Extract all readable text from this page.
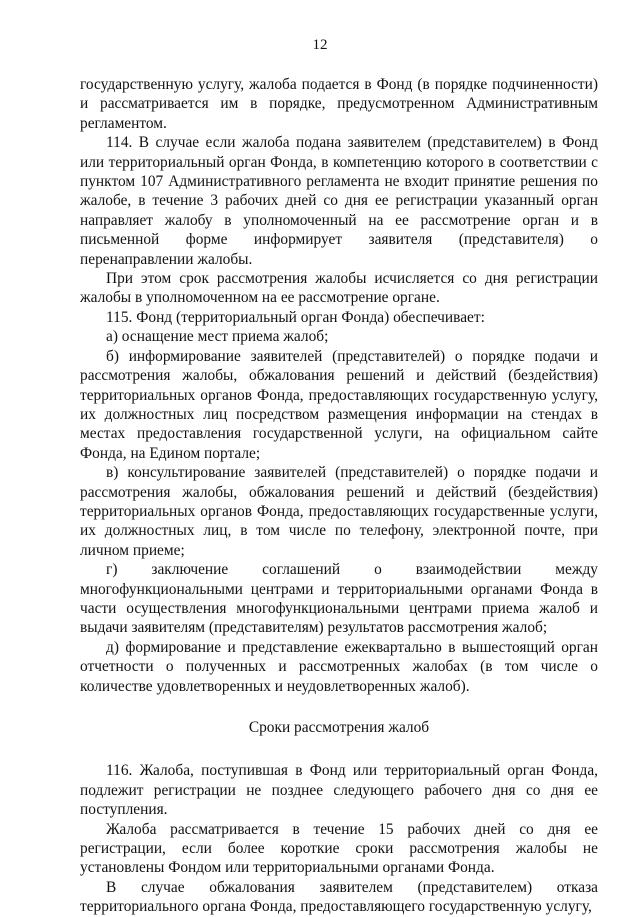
12

государственную услугу, жалоба подается в Фонд (в порядке подчиненности) и рассматривается им в порядке, предусмотренном Административным регламентом.

114. В случае если жалоба подана заявителем (представителем) в Фонд или территориальный орган Фонда, в компетенцию которого в соответствии с пунктом 107 Административного регламента не входит принятие решения по жалобе, в течение 3 рабочих дней со дня ее регистрации указанный орган направляет жалобу в уполномоченный на ее рассмотрение орган и в письменной форме информирует заявителя (представителя) о перенаправлении жалобы.

При этом срок рассмотрения жалобы исчисляется со дня регистрации жалобы в уполномоченном на ее рассмотрение органе.

115. Фонд (территориальный орган Фонда) обеспечивает:

а) оснащение мест приема жалоб;

б) информирование заявителей (представителей) о порядке подачи и рассмотрения жалобы, обжалования решений и действий (бездействия) территориальных органов Фонда, предоставляющих государственную услугу, их должностных лиц посредством размещения информации на стендах в местах предоставления государственной услуги, на официальном сайте Фонда, на Едином портале;

в) консультирование заявителей (представителей) о порядке подачи и рассмотрения жалобы, обжалования решений и действий (бездействия) территориальных органов Фонда, предоставляющих государственные услуги, их должностных лиц, в том числе по телефону, электронной почте, при личном приеме;

г) заключение соглашений о взаимодействии между многофункциональными центрами и территориальными органами Фонда в части осуществления многофункциональными центрами приема жалоб и выдачи заявителям (представителям) результатов рассмотрения жалоб;

д) формирование и представление ежеквартально в вышестоящий орган отчетности о полученных и рассмотренных жалобах (в том числе о количестве удовлетворенных и неудовлетворенных жалоб).

Сроки рассмотрения жалоб

116. Жалоба, поступившая в Фонд или территориальный орган Фонда, подлежит регистрации не позднее следующего рабочего дня со дня ее поступления.

Жалоба рассматривается в течение 15 рабочих дней со дня ее регистрации, если более короткие сроки рассмотрения жалобы не установлены Фондом или территориальными органами Фонда.

В случае обжалования заявителем (представителем) отказа территориального органа Фонда, предоставляющего государственную услугу,
